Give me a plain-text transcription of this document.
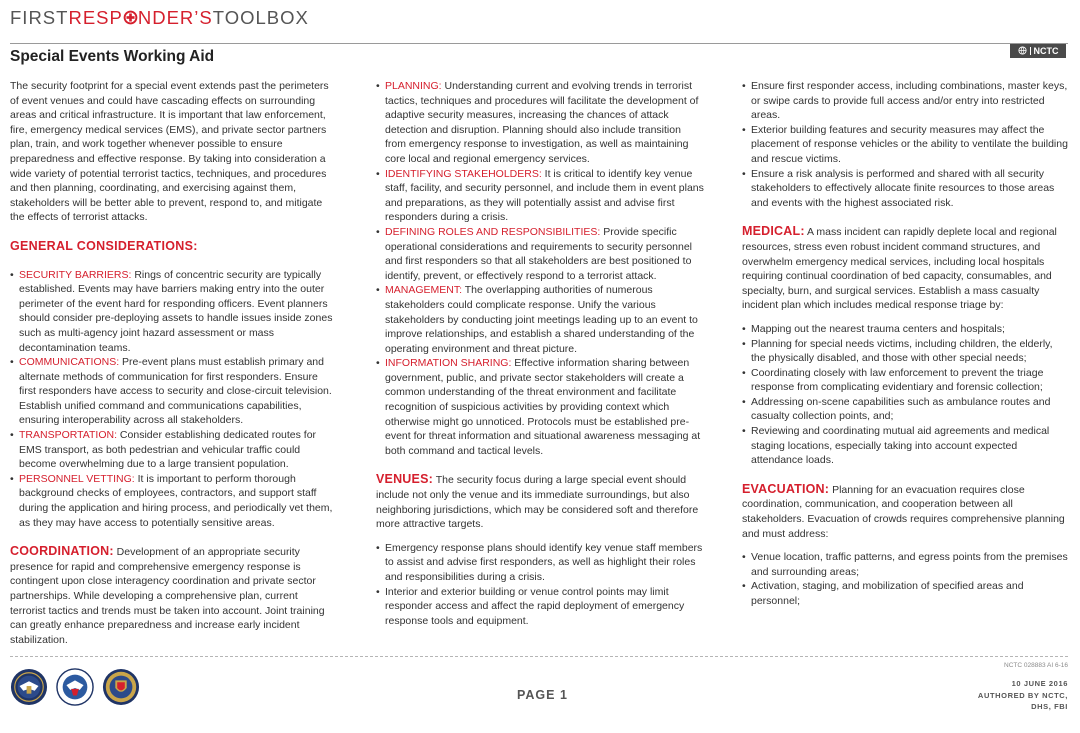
FIRSTRESP NDER’STOOLBOX
Special Events Working Aid	NCTC

The security footprint for a special event extends past the perimeters of event venues and could have cascading effects on surrounding areas and critical infrastructure. It is important that law enforcement, fire, emergency medical services (EMS), and private sector partners plan, train, and work together whenever possible to ensure preparedness and effective response. By taking into consideration a wide variety of potential terrorist tactics, techniques, and procedures and then planning, coordinating, and exercising against them, stakeholders will be better able to prevent, respond to, and mitigate the effects of terrorist attacks.

GENERAL CONSIDERATIONS:

• SECURITY BARRIERS: Rings of concentric security are typically established. Events may have barriers making entry into the outer perimeter of the event hard for responding officers. Event planners should consider pre-deploying assets to handle issues inside zones such as multi-agency joint hazard assessment or mass decontamination teams.

• COMMUNICATIONS: Pre-event plans must establish primary and alternate methods of communication for first responders. Ensure first responders have access to security and close-circuit television. Establish unified command and communications capabilities, ensuring interoperability across all stakeholders.

• TRANSPORTATION: Consider establishing dedicated routes for EMS transport, as both pedestrian and vehicular traffic could become overwhelming due to a large transient population.

• PERSONNEL VETTING: It is important to perform thorough background checks of employees, contractors, and support staff during the application and hiring process, and periodically vet them, as they may have access to potentially sensitive areas.

COORDINATION: Development of an appropriate security presence for rapid and comprehensive emergency response is contingent upon close interagency coordination and private sector partnerships. While developing a comprehensive plan, current terrorist tactics and trends must be taken into account. Joint training can greatly enhance preparedness and increase early incident stabilization.

• PLANNING: Understanding current and evolving trends in terrorist tactics, techniques and procedures will facilitate the development of adaptive security measures, increasing the chances of attack detection and disruption. Planning should also include transition from emergency response to investigation, as well as maintaining core local and regional emergency services.

• IDENTIFYING STAKEHOLDERS: It is critical to identify key venue staff, facility, and security personnel, and include them in event plans and preparations, as they will potentially assist and advise first responders during a crisis.

• DEFINING ROLES AND RESPONSIBILITIES: Provide specific operational considerations and requirements to security personnel and first responders so that all stakeholders are best positioned to identify, prevent, or effectively respond to a terrorist attack.

• MANAGEMENT: The overlapping authorities of numerous stakeholders could complicate response. Unify the various stakeholders by conducting joint meetings leading up to an event to improve relationships, and establish a shared understanding of the operating environment and threat picture.

• INFORMATION SHARING: Effective information sharing between government, public, and private sector stakeholders will create a common understanding of the threat environment and facilitate recognition of suspicious activities by providing context which otherwise might go unnoticed. Protocols must be established pre-event for threat information and situational awareness messaging at both command and tactical levels.

VENUES: The security focus during a large special event should include not only the venue and its immediate surroundings, but also neighboring jurisdictions, which may be considered soft and therefore more attractive targets.

• Emergency response plans should identify key venue staff members to assist and advise first responders, as well as highlight their roles and responsibilities during a crisis.

• Interior and exterior building or venue control points may limit responder access and affect the rapid deployment of emergency response tools and equipment.

• Ensure first responder access, including combinations, master keys, or swipe cards to provide full access and/or entry into restricted areas.

• Exterior building features and security measures may affect the placement of response vehicles or the ability to ventilate the building and rescue victims.

• Ensure a risk analysis is performed and shared with all security stakeholders to effectively allocate finite resources to those areas and events with the highest associated risk.

MEDICAL: A mass incident can rapidly deplete local and regional resources, stress even robust incident command structures, and overwhelm emergency medical services, including local hospitals requiring continual coordination of bed capacity, consumables, and specialty, burn, and surgical services. Establish a mass casualty incident plan which includes medical response triage by:

• Mapping out the nearest trauma centers and hospitals;

• Planning for special needs victims, including children, the elderly, the physically disabled, and those with other special needs;

• Coordinating closely with law enforcement to prevent the triage response from complicating evidentiary and forensic collection;

• Addressing on-scene capabilities such as ambulance routes and casualty collection points, and;

• Reviewing and coordinating mutual aid agreements and medical staging locations, especially taking into account expected attendance loads.

EVACUATION: Planning for an evacuation requires close coordination, communication, and cooperation between all stakeholders. Evacuation of crowds requires comprehensive planning and must address:

• Venue location, traffic patterns, and egress points from the premises and surrounding areas;

• Activation, staging, and mobilization of specified areas and personnel;

PAGE 1
NCTC 028883 AI 6-16
10 JUNE 2016
AUTHORED BY NCTC,
DHS, FBI
